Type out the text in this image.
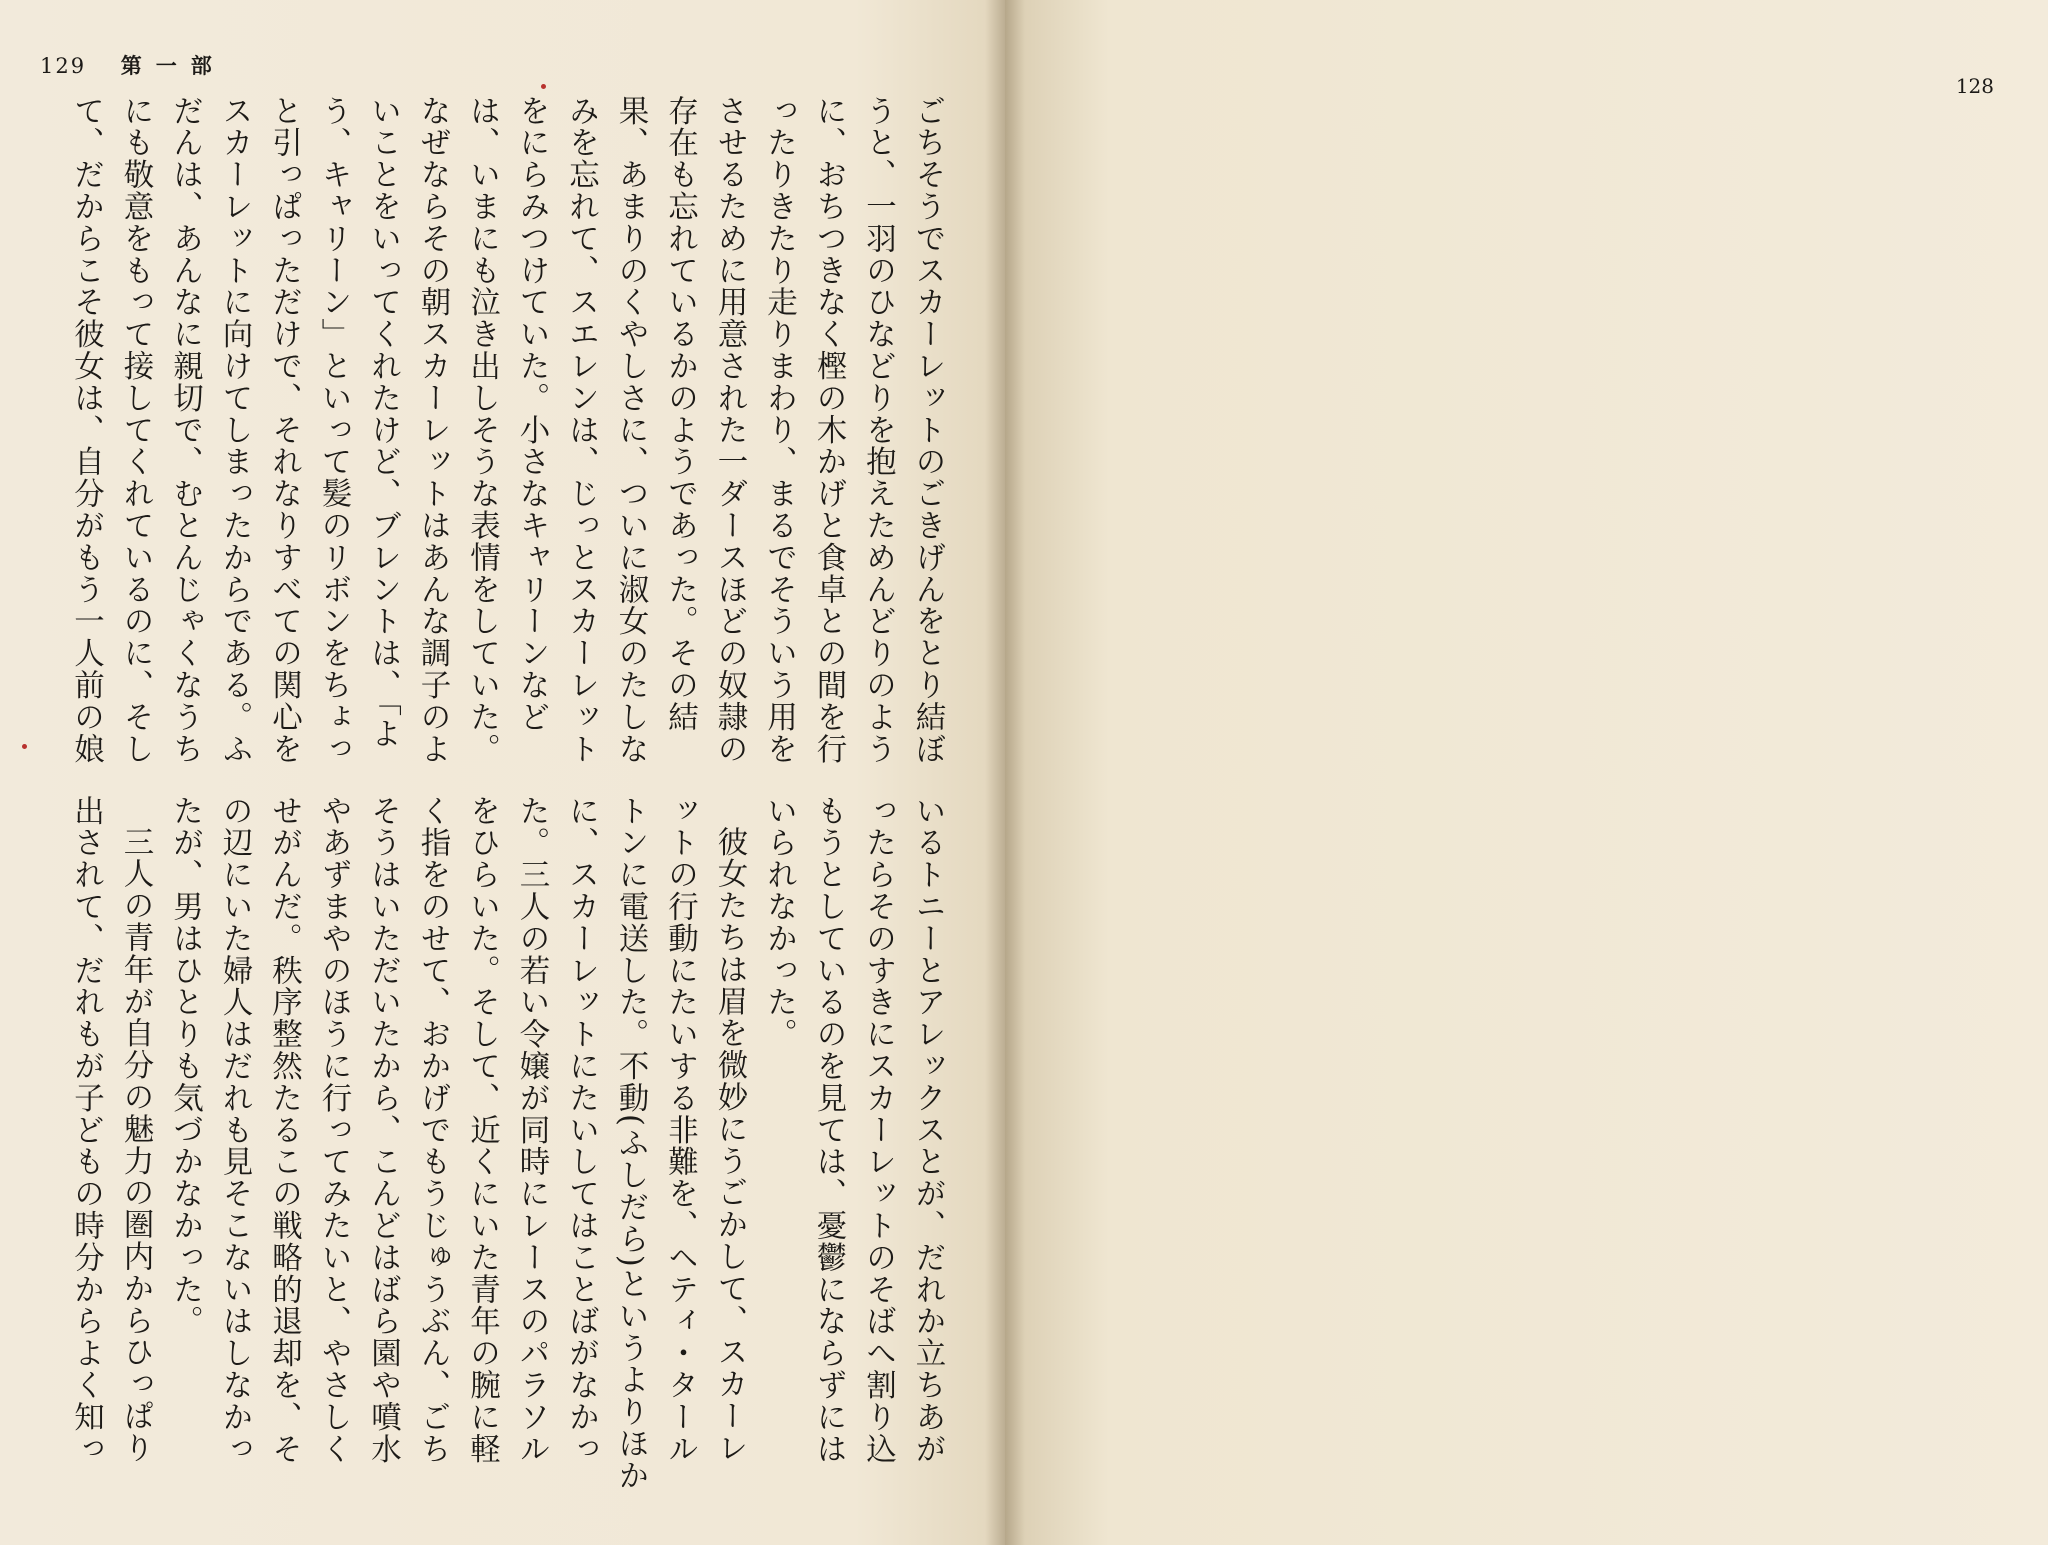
129 第一部

ごちそうでスカーレットのごきげんをとり結ぼうと、一羽のひなどりを抱えためんどりのように、おちつきなく樫の木かげと食卓との間を行ったりきたり走りまわり、まるでそういう用をさせるために用意された一ダースほどの奴隷の存在も忘れているかのようであった。その結果、あまりのくやしさに、ついに淑女のたしなみを忘れて、スエレンは、じっとスカーレットをにらみつけていた。小さなキャリーンなどは、いまにも泣き出しそうな表情をしていた。なぜならその朝スカーレットはあんな調子のよいことをいってくれたけど、ブレントは、「よう、キャリーン」といって髪のリボンをちょっと引っぱっただけで、それなりすべての関心をスカーレットに向けてしまったからである。ふだんは、あんなに親切で、むとんじゃくなうちにも敬意をもって接してくれているのに、そして、だからこそ彼女は、自分がもう一人前の娘

いるトニーとアレックスとが、だれか立ちあがったらそのすきにスカーレットのそばへ割り込もうとしているのを見ては、憂鬱にならずにはいられなかった。

彼女たちは眉を微妙にうごかして、スカーレットの行動にたいする非難を、ヘティ・タールトンに電送した。不動(ふしだら)というよりほかに、スカーレットにたいしてはことばがなかった。三人の若い令嬢が同時にレースのパラソルをひらいた。そして、近くにいた青年の腕に軽く指をのせて、おかげでもうじゅうぶん、ごちそうはいただいたから、こんどはばら園や噴水やあずまやのほうに行ってみたいと、やさしくせがんだ。秩序整然たるこの戦略的退却を、その辺にいた婦人はだれも見そこないはしなかったが、男はひとりも気づかなかった。

三人の青年が自分の魅力の圏内からひっぱり出されて、だれもが子どもの時分からよく知っ

128
